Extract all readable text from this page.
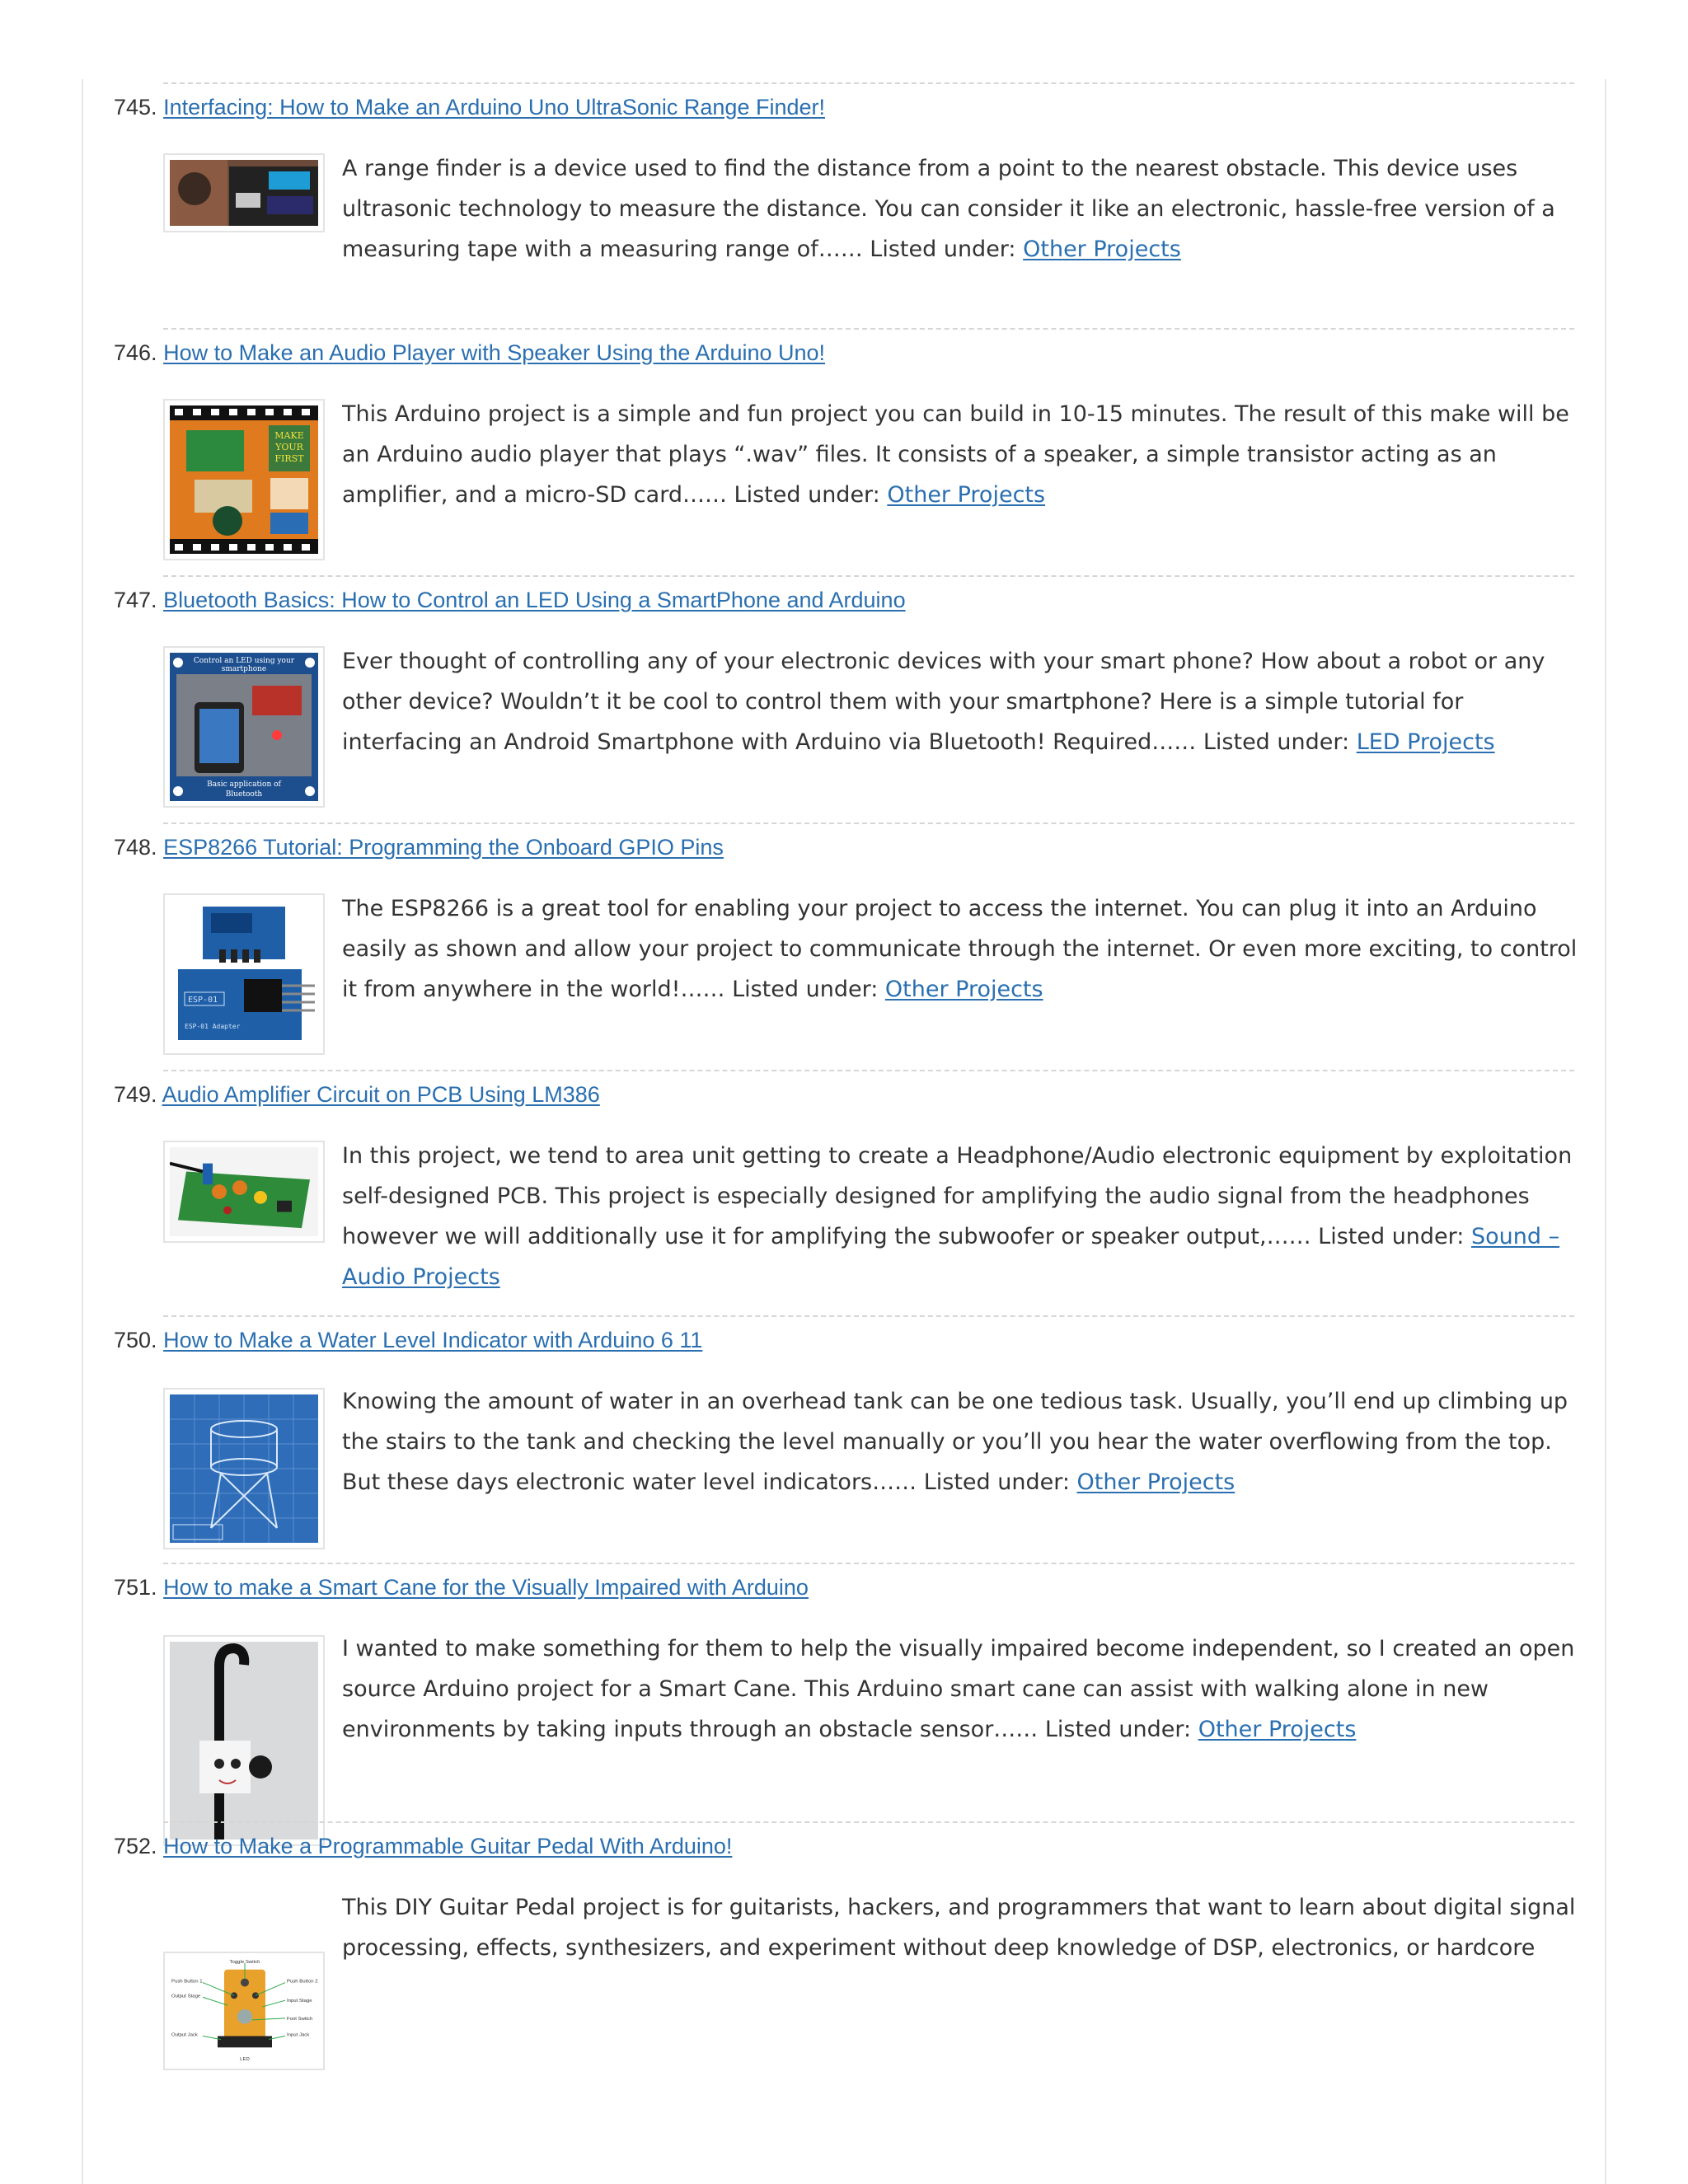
745. Interfacing: How to Make an Arduino Uno UltraSonic Range Finder!
A range finder is a device used to find the distance from a point to the nearest obstacle. This device uses ultrasonic technology to measure the distance. You can consider it like an electronic, hassle-free version of a measuring tape with a measuring range of…… Listed under: Other Projects
746. How to Make an Audio Player with Speaker Using the Arduino Uno!
MAKE
YOUR
FIRST
This Arduino project is a simple and fun project you can build in 10-15 minutes. The result of this make will be an Arduino audio player that plays “.wav” files. It consists of a speaker, a simple transistor acting as an amplifier, and a micro-SD card…… Listed under: Other Projects
747. Bluetooth Basics: How to Control an LED Using a SmartPhone and Arduino
Control an LED using your
smartphone
Basic application of
Bluetooth
Ever thought of controlling any of your electronic devices with your smart phone? How about a robot or any other device? Wouldn’t it be cool to control them with your smartphone? Here is a simple tutorial for interfacing an Android Smartphone with Arduino via Bluetooth! Required…… Listed under: LED Projects
748. ESP8266 Tutorial: Programming the Onboard GPIO Pins
ESP-01
ESP-01 Adapter
The ESP8266 is a great tool for enabling your project to access the internet. You can plug it into an Arduino easily as shown and allow your project to communicate through the internet. Or even more exciting, to control it from anywhere in the world!…… Listed under: Other Projects
749. Audio Amplifier Circuit on PCB Using LM386
In this project, we tend to area unit getting to create a Headphone/Audio electronic equipment by exploitation self-designed PCB. This project is especially designed for amplifying the audio signal from the headphones however we will additionally use it for amplifying the subwoofer or speaker output,…… Listed under: Sound – Audio Projects
750. How to Make a Water Level Indicator with Arduino 6 11
Knowing the amount of water in an overhead tank can be one tedious task. Usually, you’ll end up climbing up the stairs to the tank and checking the level manually or you’ll you hear the water overflowing from the top. But these days electronic water level indicators…… Listed under: Other Projects
751. How to make a Smart Cane for the Visually Impaired with Arduino
I wanted to make something for them to help the visually impaired become independent, so I created an open source Arduino project for a Smart Cane. This Arduino smart cane can assist with walking alone in new environments by taking inputs through an obstacle sensor…… Listed under: Other Projects
752. How to Make a Programmable Guitar Pedal With Arduino!
Toggle Switch
Push Button 1	Push Button 2
Output Stage
Input Stage
Foot Switch
Output Jack	Input Jack
LED
This DIY Guitar Pedal project is for guitarists, hackers, and programmers that want to learn about digital signal processing, effects, synthesizers, and experiment without deep knowledge of DSP, electronics, or hardcore
